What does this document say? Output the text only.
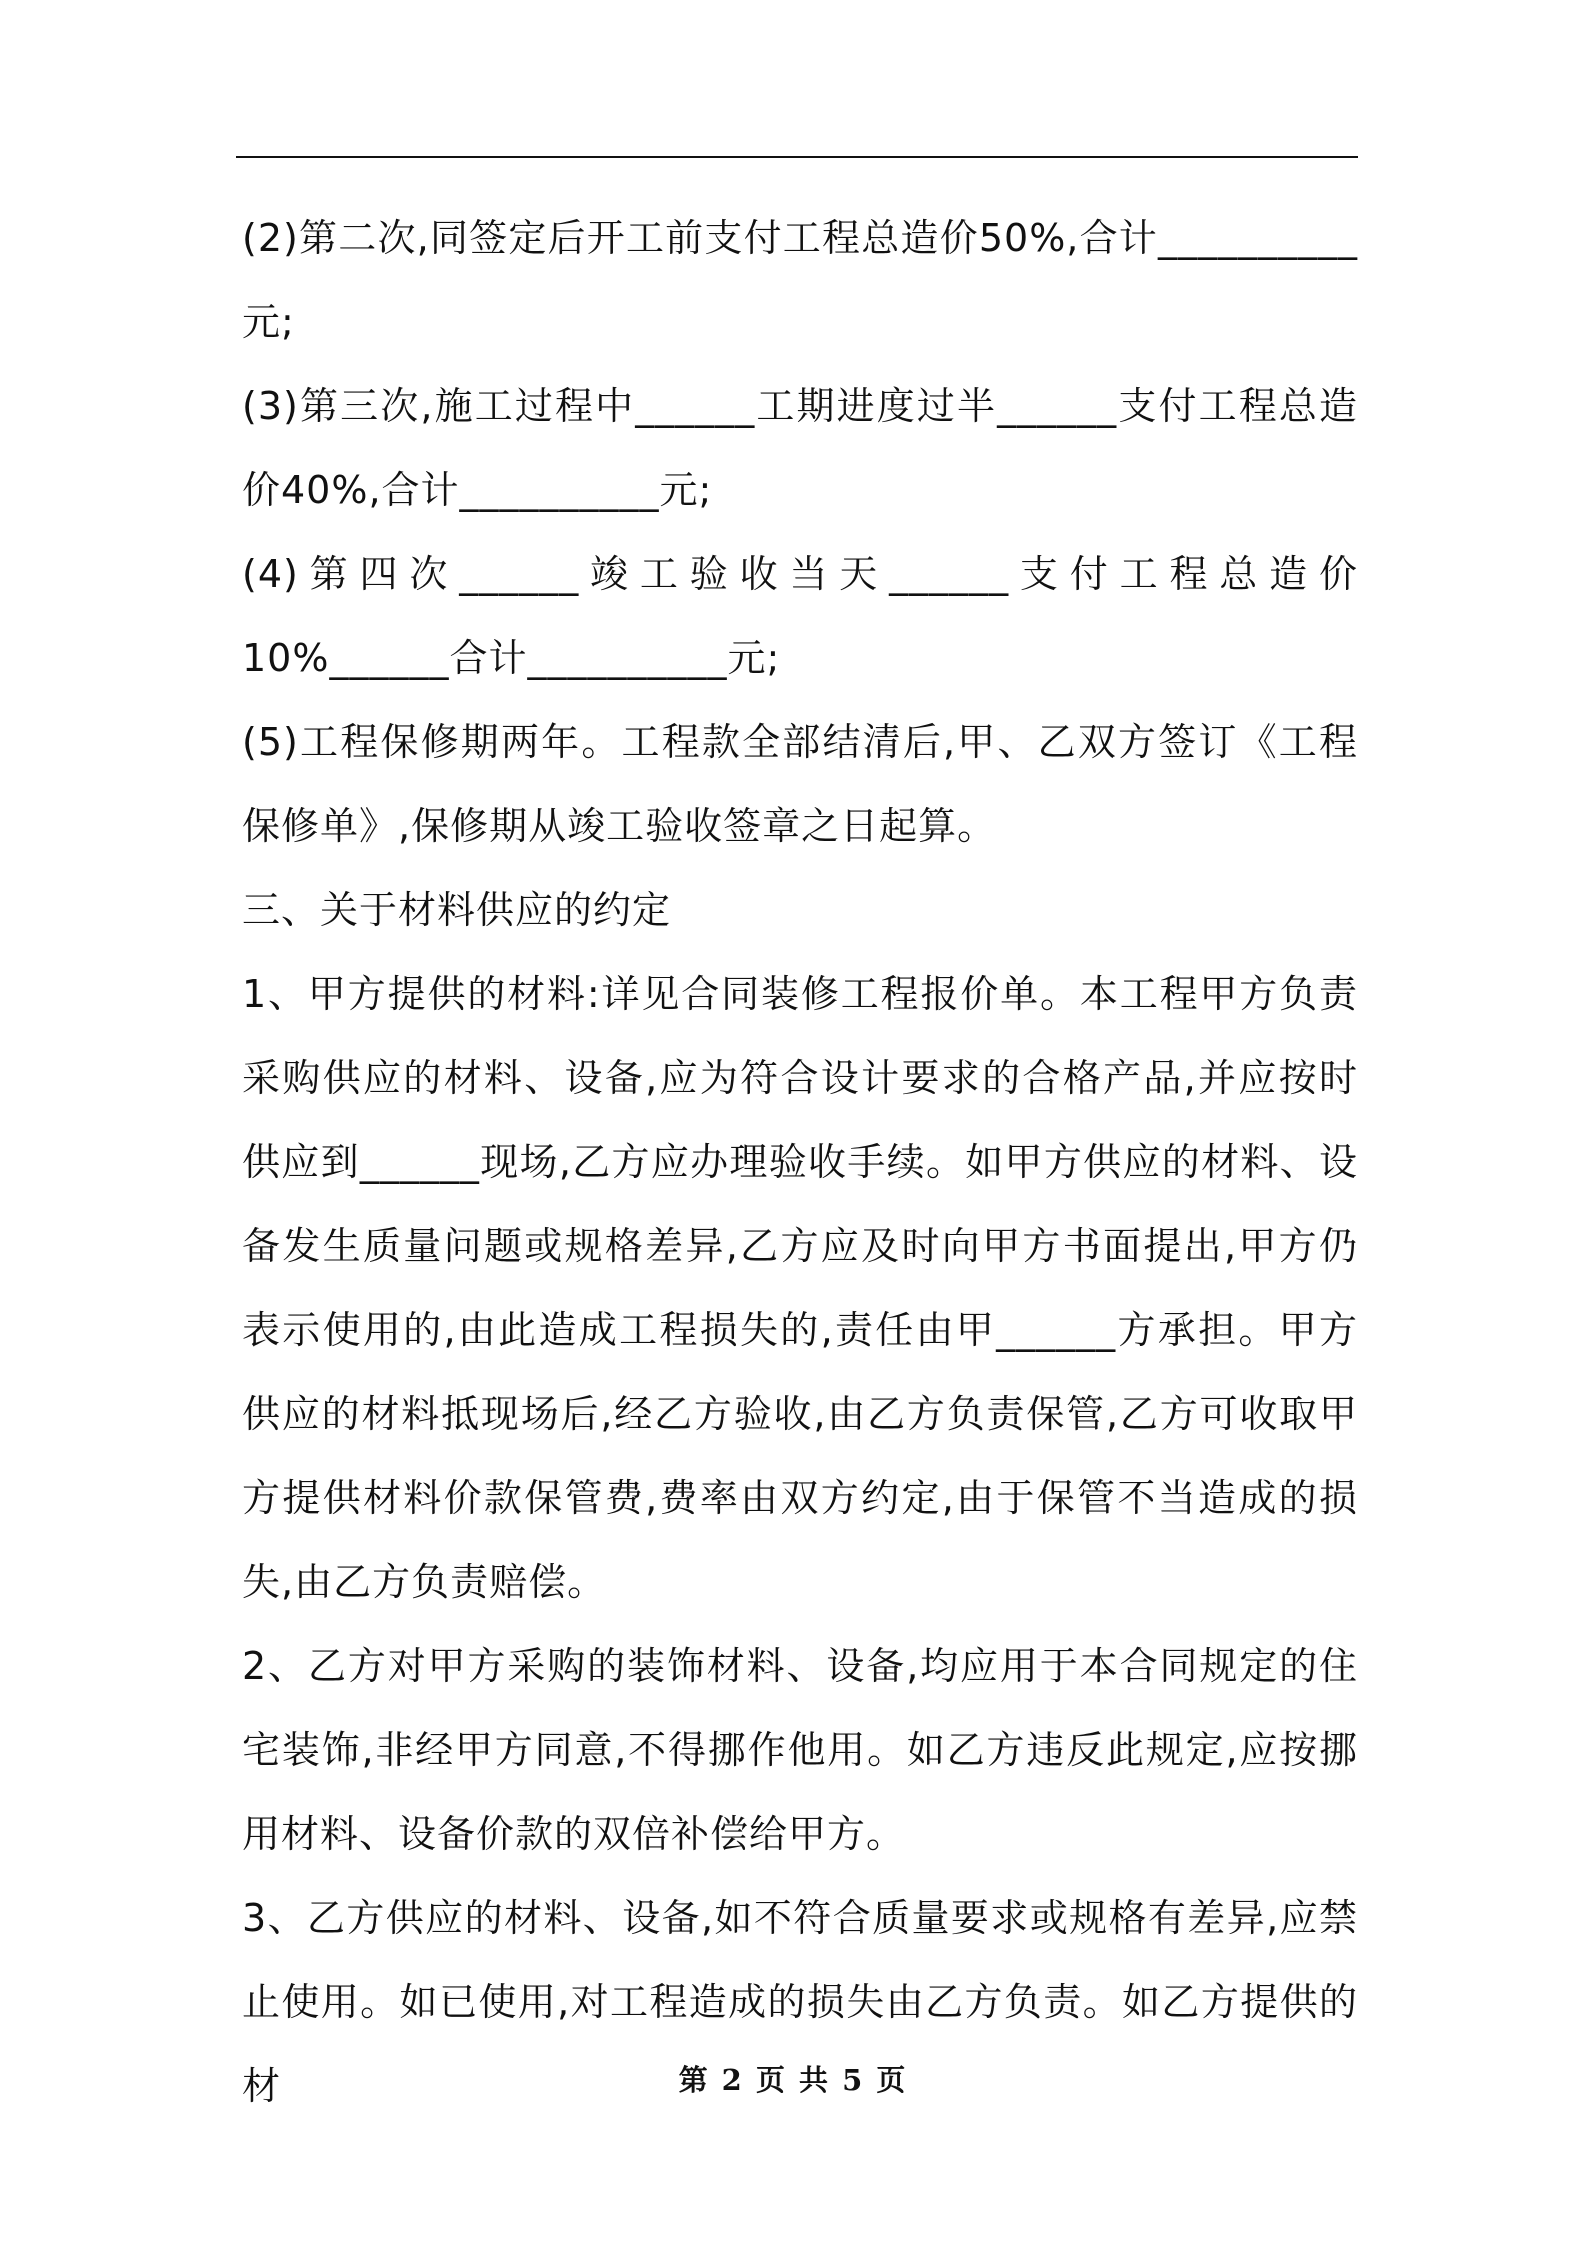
(2)第二次,同签定后开工前支付工程总造价50%,合计__________元;

(3)第三次,施工过程中______工期进度过半______支付工程总造价40%,合计__________元;

(4)第四次______竣工验收当天______支付工程总造价10%______合计__________元;

(5)工程保修期两年。工程款全部结清后,甲、乙双方签订《工程保修单》,保修期从竣工验收签章之日起算。

三、关于材料供应的约定

1、甲方提供的材料:详见合同装修工程报价单。本工程甲方负责采购供应的材料、设备,应为符合设计要求的合格产品,并应按时供应到______现场,乙方应办理验收手续。如甲方供应的材料、设备发生质量问题或规格差异,乙方应及时向甲方书面提出,甲方仍表示使用的,由此造成工程损失的,责任由甲______方承担。甲方供应的材料抵现场后,经乙方验收,由乙方负责保管,乙方可收取甲方提供材料价款保管费,费率由双方约定,由于保管不当造成的损失,由乙方负责赔偿。

2、乙方对甲方采购的装饰材料、设备,均应用于本合同规定的住宅装饰,非经甲方同意,不得挪作他用。如乙方违反此规定,应按挪用材料、设备价款的双倍补偿给甲方。

3、乙方供应的材料、设备,如不符合质量要求或规格有差异,应禁止使用。如已使用,对工程造成的损失由乙方负责。如乙方提供的材	第 2 页 共 5 页
